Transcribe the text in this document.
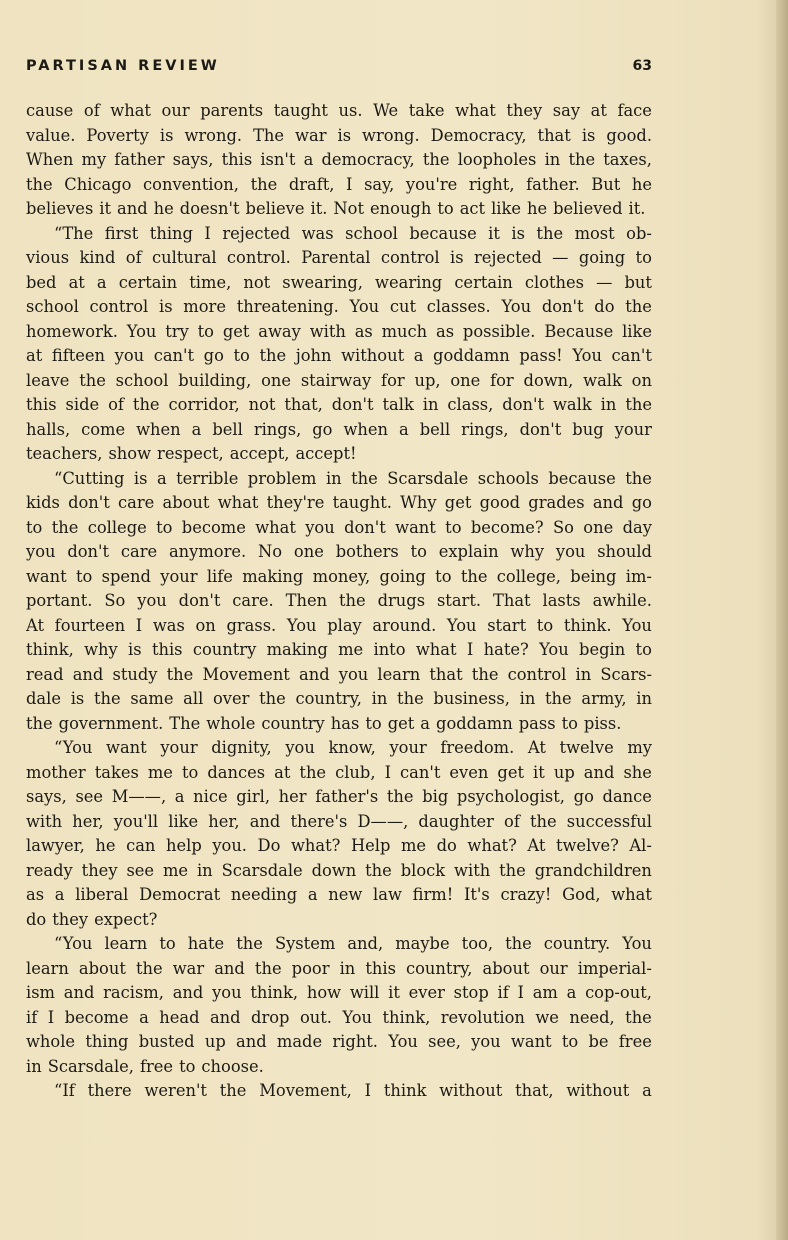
PARTISAN REVIEW	63
cause of what our parents taught us. We take what they say at face
value. Poverty is wrong. The war is wrong. Democracy, that is good.
When my father says, this isn't a democracy, the loopholes in the taxes,
the Chicago convention, the draft, I say, you're right, father. But he
believes it and he doesn't believe it. Not enough to act like he believed it.
“The first thing I rejected was school because it is the most ob-
vious kind of cultural control. Parental control is rejected — going to
bed at a certain time, not swearing, wearing certain clothes — but
school control is more threatening. You cut classes. You don't do the
homework. You try to get away with as much as possible. Because like
at fifteen you can't go to the john without a goddamn pass! You can't
leave the school building, one stairway for up, one for down, walk on
this side of the corridor, not that, don't talk in class, don't walk in the
halls, come when a bell rings, go when a bell rings, don't bug your
teachers, show respect, accept, accept!
“Cutting is a terrible problem in the Scarsdale schools because the
kids don't care about what they're taught. Why get good grades and go
to the college to become what you don't want to become? So one day
you don't care anymore. No one bothers to explain why you should
want to spend your life making money, going to the college, being im-
portant. So you don't care. Then the drugs start. That lasts awhile.
At fourteen I was on grass. You play around. You start to think. You
think, why is this country making me into what I hate? You begin to
read and study the Movement and you learn that the control in Scars-
dale is the same all over the country, in the business, in the army, in
the government. The whole country has to get a goddamn pass to piss.
“You want your dignity, you know, your freedom. At twelve my
mother takes me to dances at the club, I can't even get it up and she
says, see M——, a nice girl, her father's the big psychologist, go dance
with her, you'll like her, and there's D——, daughter of the successful
lawyer, he can help you. Do what? Help me do what? At twelve? Al-
ready they see me in Scarsdale down the block with the grandchildren
as a liberal Democrat needing a new law firm! It's crazy! God, what
do they expect?
“You learn to hate the System and, maybe too, the country. You
learn about the war and the poor in this country, about our imperial-
ism and racism, and you think, how will it ever stop if I am a cop-out,
if I become a head and drop out. You think, revolution we need, the
whole thing busted up and made right. You see, you want to be free
in Scarsdale, free to choose.
“If there weren't the Movement, I think without that, without a
